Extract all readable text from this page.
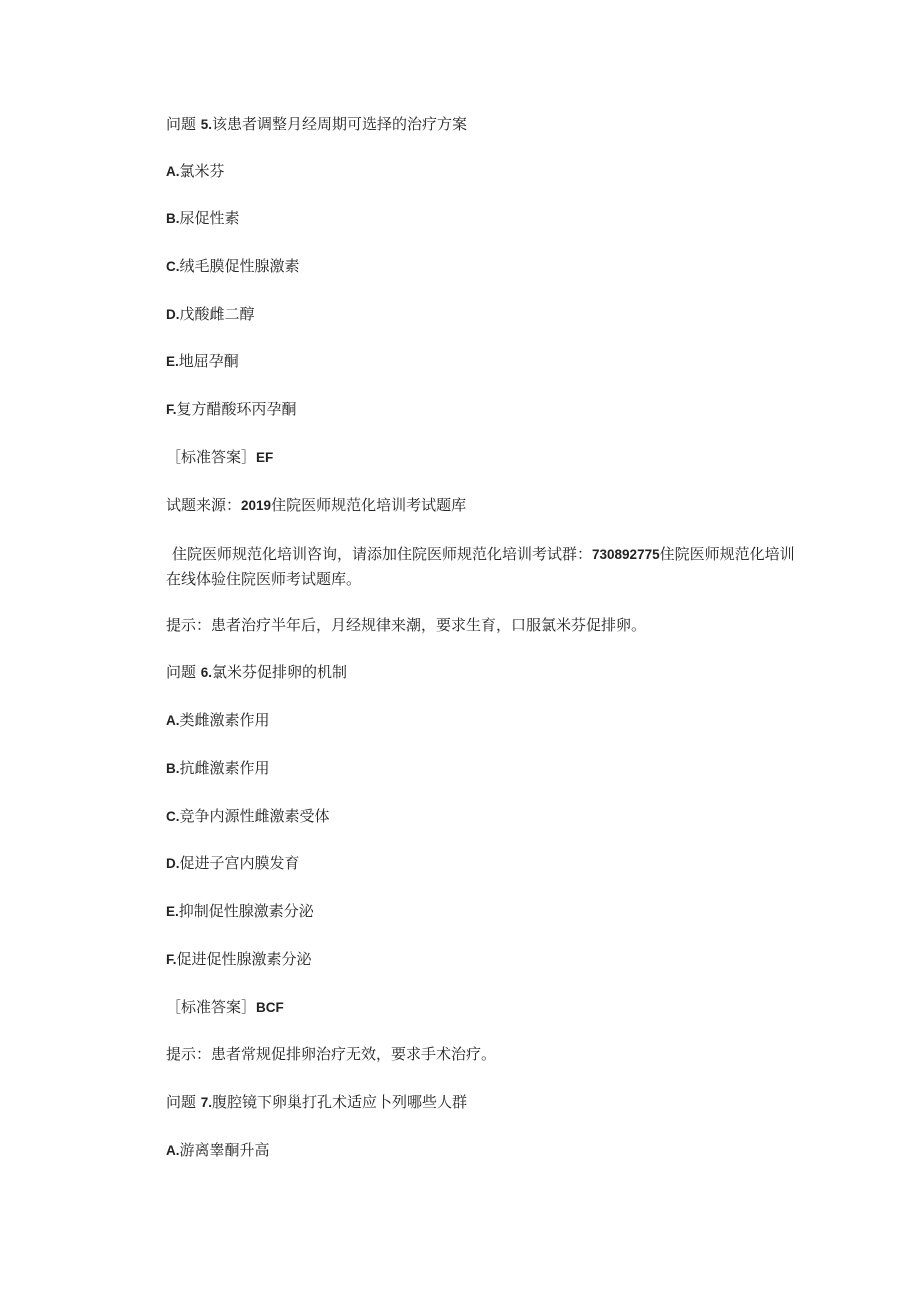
问题 5.该患者调整月经周期可选择的治疗方案
A.氯米芬
B.尿促性素
C.绒毛膜促性腺激素
D.戊酸雌二醇
E.地屈孕酮
F.复方醋酸环丙孕酮
［标准答案］EF
试题来源：2019住院医师规范化培训考试题库
住院医师规范化培训咨询，请添加住院医师规范化培训考试群：730892775住院医师规范化培训在线体验住院医师考试题库。
提示：患者治疗半年后，月经规律来潮，要求生育，口服氯米芬促排卵。
问题 6.氯米芬促排卵的机制
A.类雌激素作用
B.抗雌激素作用
C.竞争内源性雌激素受体
D.促进子宫内膜发育
E.抑制促性腺激素分泌
F.促进促性腺激素分泌
［标准答案］BCF
提示：患者常规促排卵治疗无效，要求手术治疗。
问题 7.腹腔镜下卵巢打孔术适应卜列哪些人群
A.游离睾酮升高
